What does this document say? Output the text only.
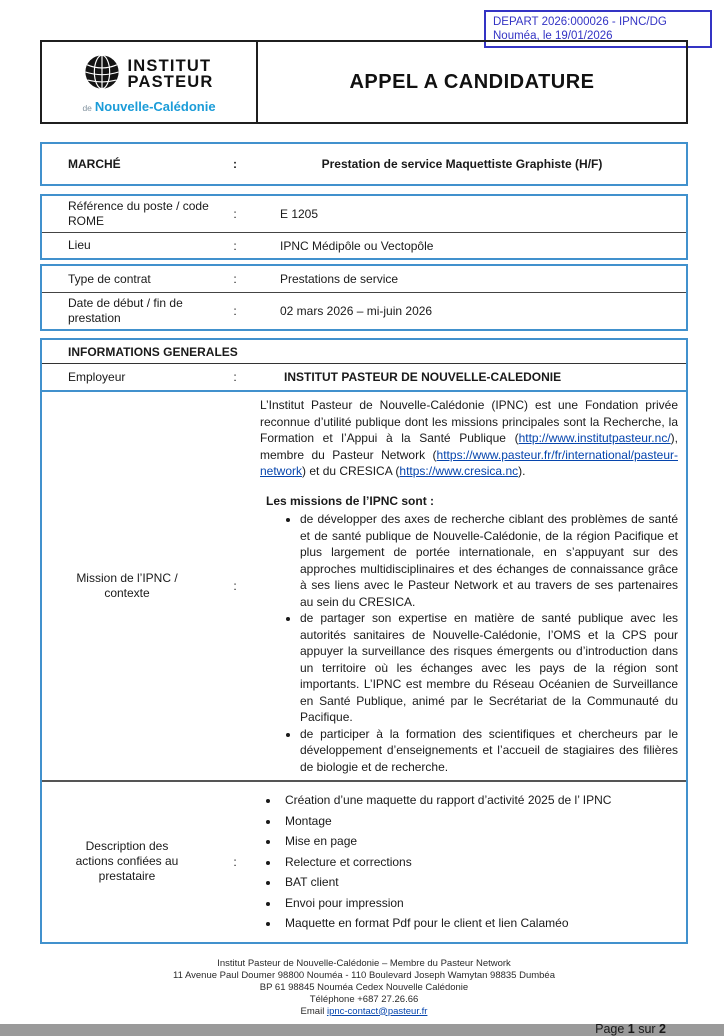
DEPART 2026:000026 - IPNC/DG
Nouméa, le 19/01/2026
INSTITUT
PASTEUR
de Nouvelle-Calédonie
APPEL A CANDIDATURE
MARCHÉ	:	Prestation de service Maquettiste Graphiste (H/F)
Référence du poste / code ROME	:	E 1205
Lieu	:	IPNC Médipôle ou Vectopôle
Type de contrat	:	Prestations de service
Date de début / fin de prestation	:	02 mars 2026 – mi-juin 2026
INFORMATIONS GENERALES
Employeur	:	INSTITUT PASTEUR DE NOUVELLE-CALEDONIE
Mission de l’IPNC / contexte	:

L’Institut Pasteur de Nouvelle-Calédonie (IPNC) est une Fondation privée reconnue d’utilité publique dont les missions principales sont la Recherche, la Formation et l’Appui à la Santé Publique (http://www.institutpasteur.nc/), membre du Pasteur Network (https://www.pasteur.fr/fr/international/pasteur-network) et du CRESICA (https://www.cresica.nc).

Les missions de l’IPNC sont :
• de développer des axes de recherche ciblant des problèmes de santé et de santé publique de Nouvelle-Calédonie, de la région Pacifique et plus largement de portée internationale, en s’appuyant sur des approches multidisciplinaires et des échanges de connaissance grâce à ses liens avec le Pasteur Network et au travers de ses partenaires au sein du CRESICA.
• de partager son expertise en matière de santé publique avec les autorités sanitaires de Nouvelle-Calédonie, l’OMS et la CPS pour appuyer la surveillance des risques émergents ou d’introduction dans un territoire où les échanges avec les pays de la région sont importants. L’IPNC est membre du Réseau Océanien de Surveillance en Santé Publique, animé par le Secrétariat de la Communauté du Pacifique.
• de participer à la formation des scientifiques et chercheurs par le développement d’enseignements et l’accueil de stagiaires des filières de biologie et de recherche.
Description des actions confiées au prestataire
:
• Création d’une maquette du rapport d’activité 2025 de l’ IPNC
• Montage
• Mise en page
• Relecture et corrections
• BAT client
• Envoi pour impression
• Maquette en format Pdf pour le client et lien Calaméo
Institut Pasteur de Nouvelle-Calédonie – Membre du Pasteur Network
11 Avenue Paul Doumer 98800 Nouméa - 110 Boulevard Joseph Wamytan 98835 Dumbéa
BP 61 98845 Nouméa Cedex Nouvelle Calédonie
Téléphone +687 27.26.66
Email ipnc-contact@pasteur.fr
Page 1 sur 2
